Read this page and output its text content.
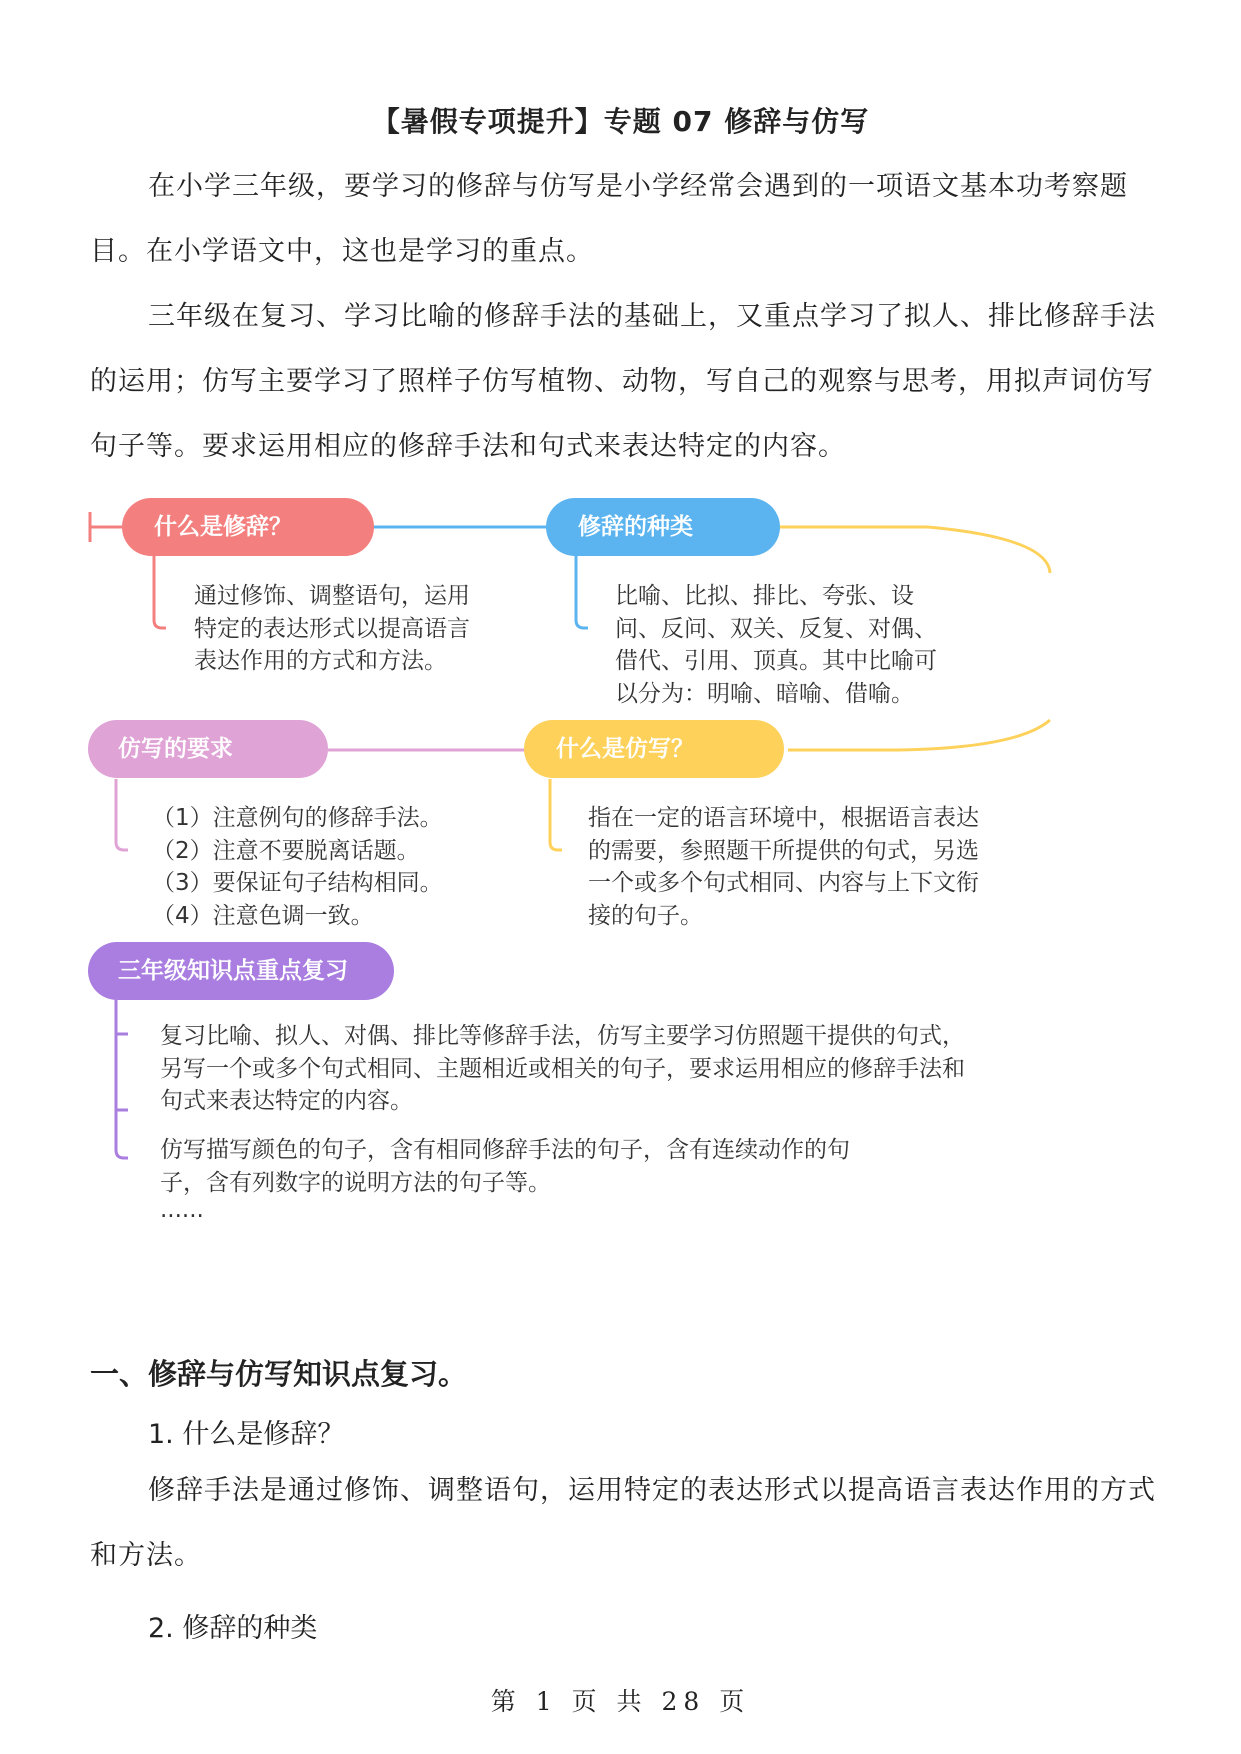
【暑假专项提升】专题 07 修辞与仿写

在小学三年级，要学习的修辞与仿写是小学经常会遇到的一项语文基本功考察题目。在小学语文中，这也是学习的重点。

三年级在复习、学习比喻的修辞手法的基础上，又重点学习了拟人、排比修辞手法的运用；仿写主要学习了照样子仿写植物、动物，写自己的观察与思考，用拟声词仿写句子等。要求运用相应的修辞手法和句式来表达特定的内容。

什么是修辞？	修辞的种类
仿写的要求	什么是仿写？
三年级知识点重点复习
通过修饰、调整语句，运用
特定的表达形式以提高语言
表达作用的方式和方法。
比喻、比拟、排比、夸张、设
问、反问、双关、反复、对偶、
借代、引用、顶真。其中比喻可
以分为：明喻、暗喻、借喻。
（1）注意例句的修辞手法。
（2）注意不要脱离话题。
（3）要保证句子结构相同。
（4）注意色调一致。
指在一定的语言环境中，根据语言表达
的需要，参照题干所提供的句式，另选
一个或多个句式相同、内容与上下文衔
接的句子。
复习比喻、拟人、对偶、排比等修辞手法，仿写主要学习仿照题干提供的句式，
另写一个或多个句式相同、主题相近或相关的句子，要求运用相应的修辞手法和
句式来表达特定的内容。
仿写描写颜色的句子，含有相同修辞手法的句子，含有连续动作的句
子，含有列数字的说明方法的句子等。
......
一、修辞与仿写知识点复习。
1. 什么是修辞？

修辞手法是通过修饰、调整语句，运用特定的表达形式以提高语言表达作用的方式和方法。

2. 修辞的种类
第 1 页 共 28 页
